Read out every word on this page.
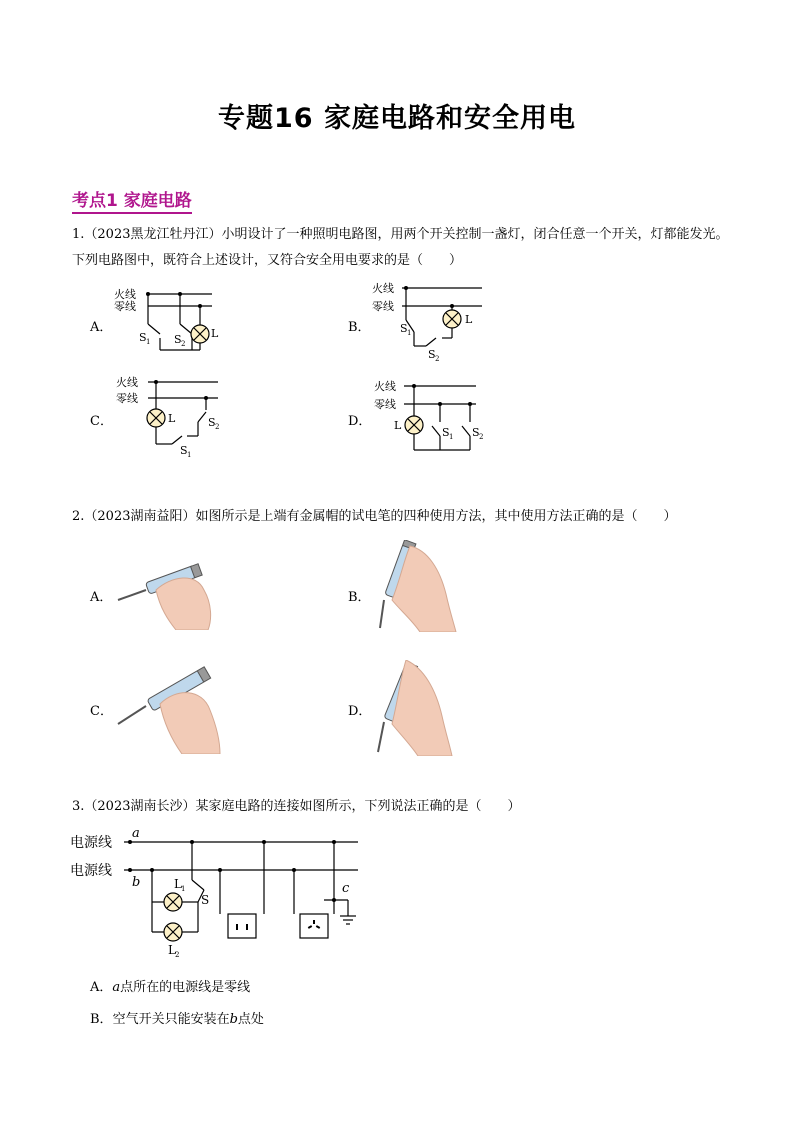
专题16 家庭电路和安全用电
考点1 家庭电路
1.（2023黑龙江牡丹江）小明设计了一种照明电路图，用两个开关控制一盏灯，闭合任意一个开关，灯都能发光。下列电路图中，既符合上述设计，又符合安全用电要求的是（　　）
A．	B．
C．	D．
火线
零线
S 1 S 2
L
火线
零线
S 1
S 2
L
火线
零线
L	S 2
S 1
火线
零线
L
S 1 S 2
2.（2023湖南益阳）如图所示是上端有金属帽的试电笔的四种使用方法，其中使用方法正确的是（　　）
A．	B．
C．	D．
3.（2023湖南长沙）某家庭电路的连接如图所示，下列说法正确的是（　　）
电源线
电源线
a
b	L 1
S
L 2
c
A．a点所在的电源线是零线
B．空气开关只能安装在b点处
